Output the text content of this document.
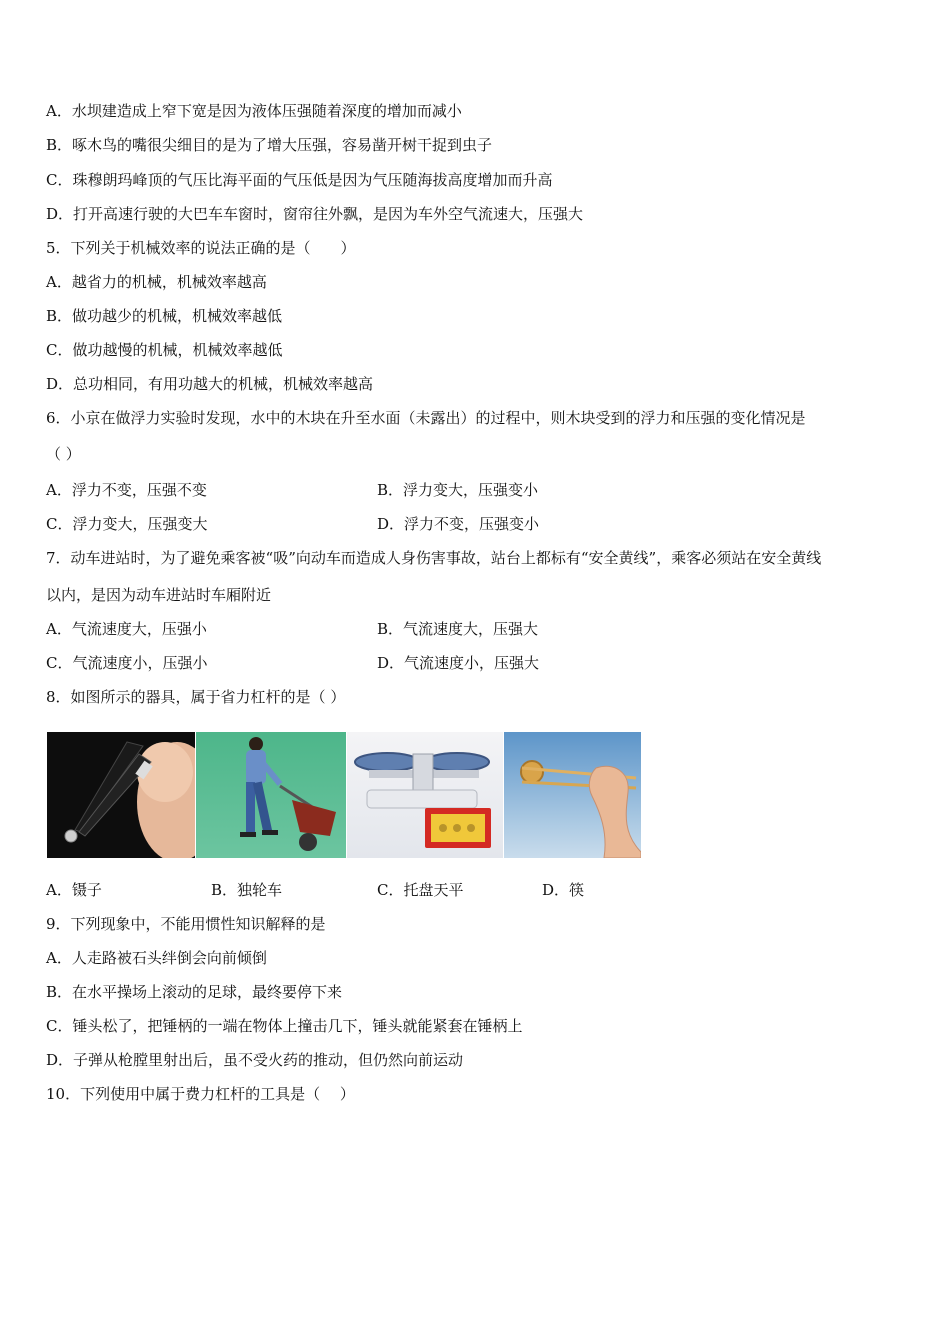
A．水坝建造成上窄下宽是因为液体压强随着深度的增加而减小
B．啄木鸟的嘴很尖细目的是为了增大压强，容易凿开树干捉到虫子
C．珠穆朗玛峰顶的气压比海平面的气压低是因为气压随海拔高度增加而升高
D．打开高速行驶的大巴车车窗时，窗帘往外飘，是因为车外空气流速大，压强大
5．下列关于机械效率的说法正确的是（　　）
A．越省力的机械，机械效率越高
B．做功越少的机械，机械效率越低
C．做功越慢的机械，机械效率越低
D．总功相同，有用功越大的机械，机械效率越高
6．小京在做浮力实验时发现，水中的木块在升至水面（未露出）的过程中，则木块受到的浮力和压强的变化情况是
（ ）
A．浮力不变，压强不变	B．浮力变大，压强变小
C．浮力变大，压强变大	D．浮力不变，压强变小
7．动车进站时，为了避免乘客被“吸”向动车而造成人身伤害事故，站台上都标有“安全黄线”，乘客必须站在安全黄线
以内，是因为动车进站时车厢附近
A．气流速度大，压强小	B．气流速度大，压强大
C．气流速度小，压强小	D．气流速度小，压强大
8．如图所示的器具，属于省力杠杆的是（ ）
A．镊子	B．独轮车	C．托盘天平	D．筷
9．下列现象中，不能用惯性知识解释的是
A．人走路被石头绊倒会向前倾倒
B．在水平操场上滚动的足球，最终要停下来
C．锤头松了，把锤柄的一端在物体上撞击几下，锤头就能紧套在锤柄上
D．子弹从枪膛里射出后，虽不受火药的推动，但仍然向前运动
10．下列使用中属于费力杠杆的工具是（　 ）
